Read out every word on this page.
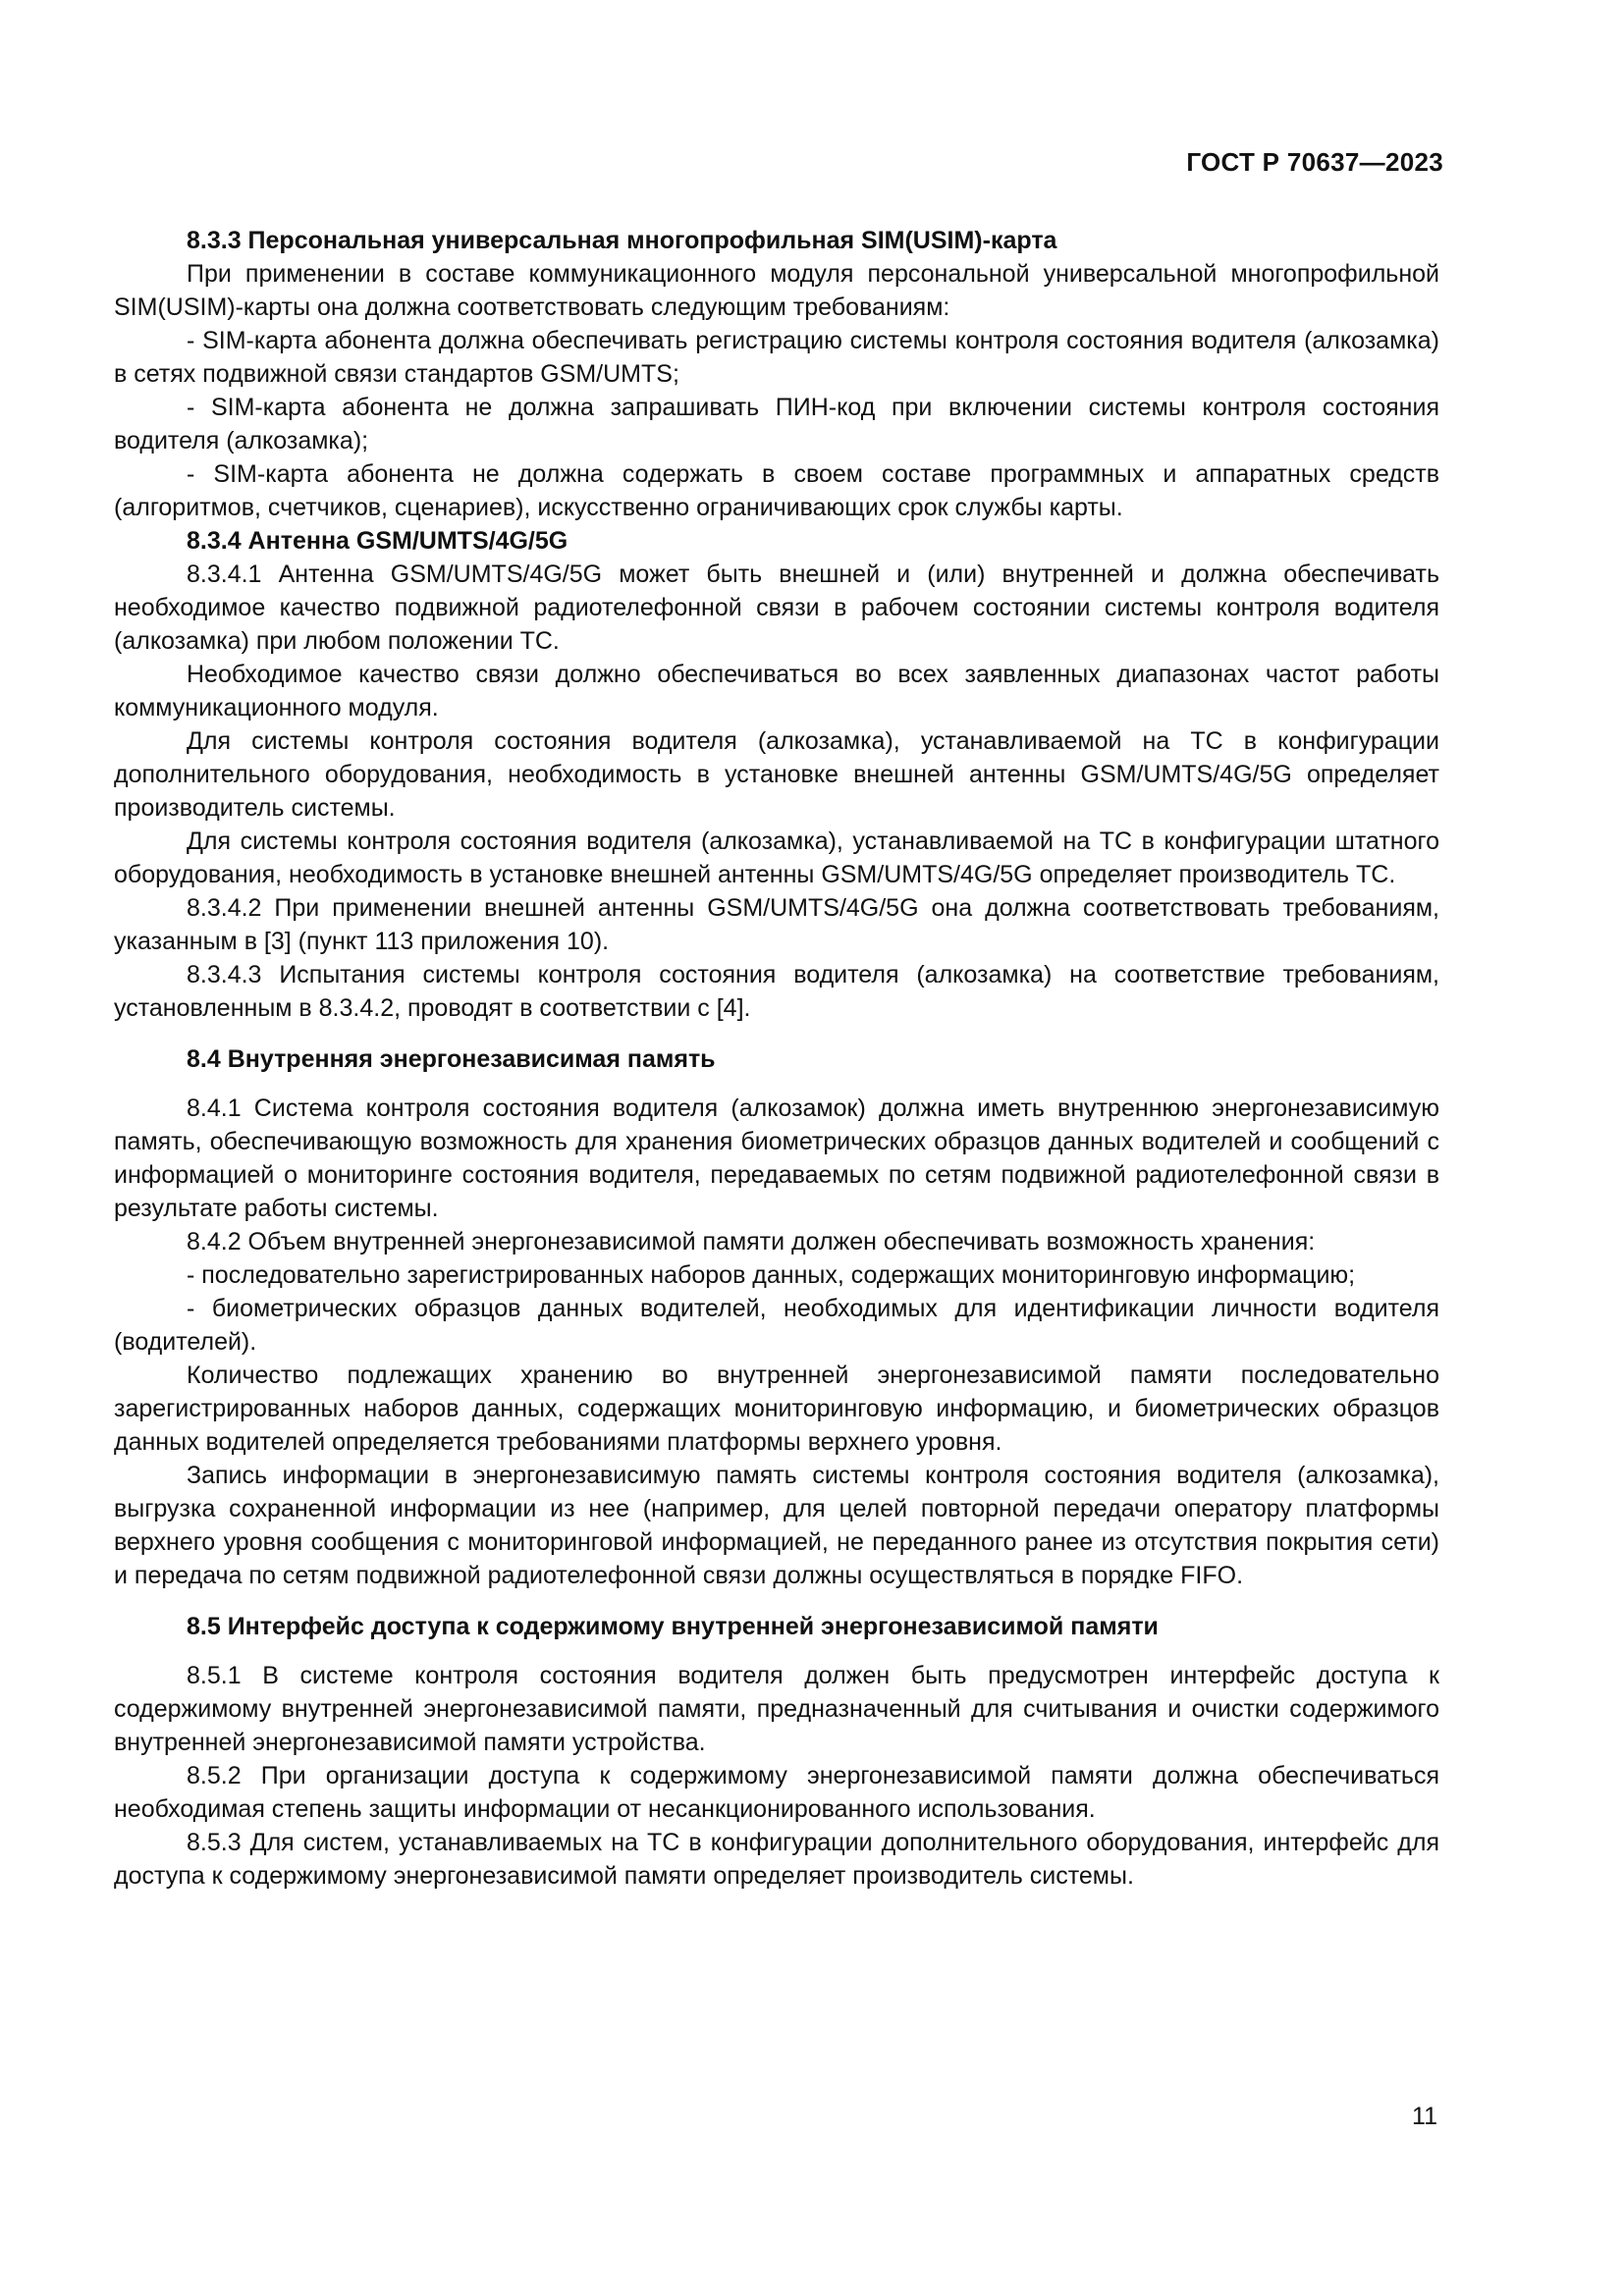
ГОСТ Р 70637—2023

8.3.3 Персональная универсальная многопрофильная SIM(USIM)-карта

При применении в составе коммуникационного модуля персональной универсальной многопрофильной SIM(USIM)-карты она должна соответствовать следующим требованиям:

- SIM-карта абонента должна обеспечивать регистрацию системы контроля состояния водителя (алкозамка) в сетях подвижной связи стандартов GSM/UMTS;

- SIM-карта абонента не должна запрашивать ПИН-код при включении системы контроля состояния водителя (алкозамка);

- SIM-карта абонента не должна содержать в своем составе программных и аппаратных средств (алгоритмов, счетчиков, сценариев), искусственно ограничивающих срок службы карты.

8.3.4 Антенна GSM/UMTS/4G/5G

8.3.4.1 Антенна GSM/UMTS/4G/5G может быть внешней и (или) внутренней и должна обеспечивать необходимое качество подвижной радиотелефонной связи в рабочем состоянии системы контроля водителя (алкозамка) при любом положении ТС.

Необходимое качество связи должно обеспечиваться во всех заявленных диапазонах частот работы коммуникационного модуля.

Для системы контроля состояния водителя (алкозамка), устанавливаемой на ТС в конфигурации дополнительного оборудования, необходимость в установке внешней антенны GSM/UMTS/4G/5G определяет производитель системы.

Для системы контроля состояния водителя (алкозамка), устанавливаемой на ТС в конфигурации штатного оборудования, необходимость в установке внешней антенны GSM/UMTS/4G/5G определяет производитель ТС.

8.3.4.2 При применении внешней антенны GSM/UMTS/4G/5G она должна соответствовать требованиям, указанным в [3] (пункт 113 приложения 10).

8.3.4.3 Испытания системы контроля состояния водителя (алкозамка) на соответствие требованиям, установленным в 8.3.4.2, проводят в соответствии с [4].

8.4 Внутренняя энергонезависимая память

8.4.1 Система контроля состояния водителя (алкозамок) должна иметь внутреннюю энергонезависимую память, обеспечивающую возможность для хранения биометрических образцов данных водителей и сообщений с информацией о мониторинге состояния водителя, передаваемых по сетям подвижной радиотелефонной связи в результате работы системы.

8.4.2 Объем внутренней энергонезависимой памяти должен обеспечивать возможность хранения:

- последовательно зарегистрированных наборов данных, содержащих мониторинговую информацию;

- биометрических образцов данных водителей, необходимых для идентификации личности водителя (водителей).

Количество подлежащих хранению во внутренней энергонезависимой памяти последовательно зарегистрированных наборов данных, содержащих мониторинговую информацию, и биометрических образцов данных водителей определяется требованиями платформы верхнего уровня.

Запись информации в энергонезависимую память системы контроля состояния водителя (алкозамка), выгрузка сохраненной информации из нее (например, для целей повторной передачи оператору платформы верхнего уровня сообщения с мониторинговой информацией, не переданного ранее из отсутствия покрытия сети) и передача по сетям подвижной радиотелефонной связи должны осуществляться в порядке FIFO.

8.5 Интерфейс доступа к содержимому внутренней энергонезависимой памяти

8.5.1 В системе контроля состояния водителя должен быть предусмотрен интерфейс доступа к содержимому внутренней энергонезависимой памяти, предназначенный для считывания и очистки содержимого внутренней энергонезависимой памяти устройства.

8.5.2 При организации доступа к содержимому энергонезависимой памяти должна обеспечиваться необходимая степень защиты информации от несанкционированного использования.

8.5.3 Для систем, устанавливаемых на ТС в конфигурации дополнительного оборудования, интерфейс для доступа к содержимому энергонезависимой памяти определяет производитель системы.

11
